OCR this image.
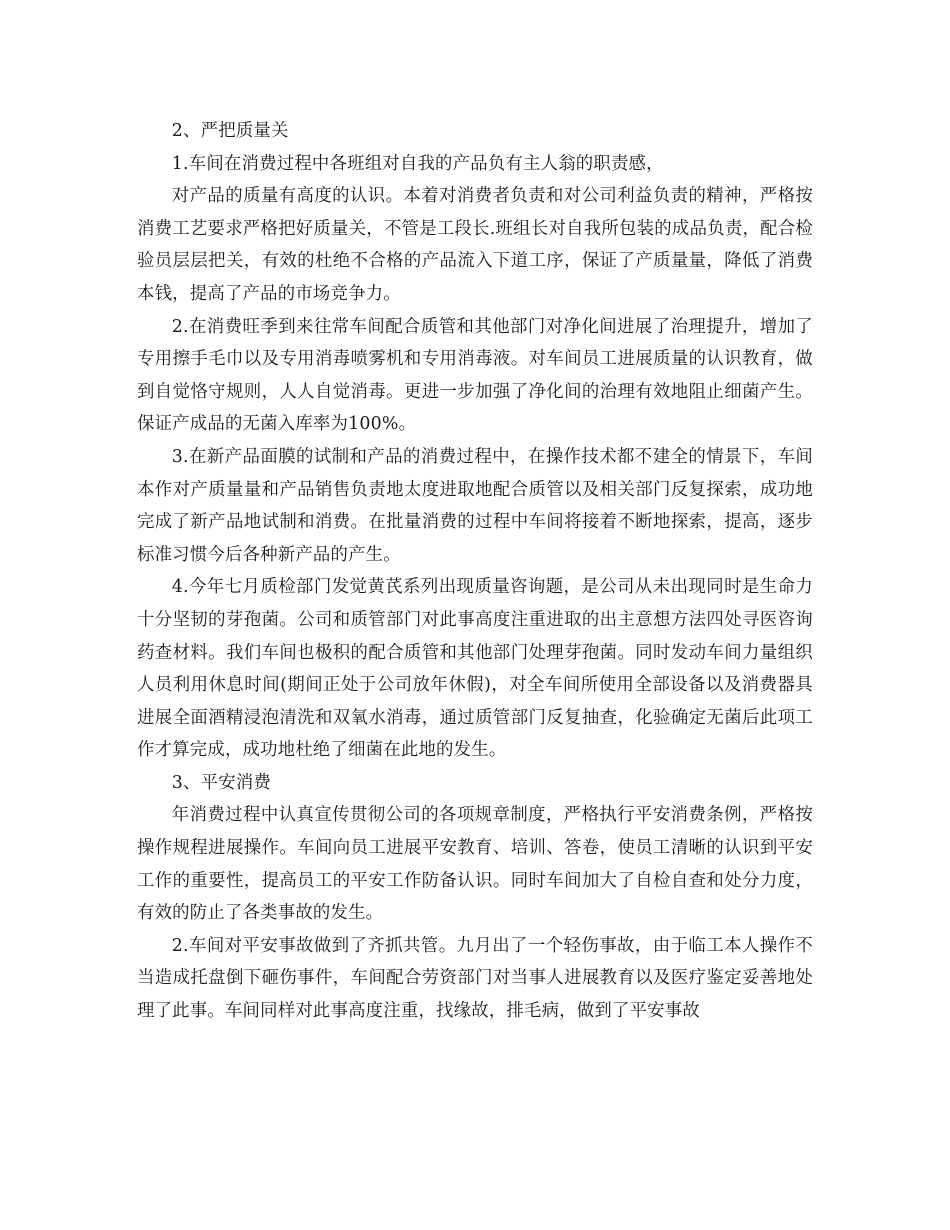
2、严把质量关

1.车间在消费过程中各班组对自我的产品负有主人翁的职责感，

对产品的质量有高度的认识。本着对消费者负责和对公司利益负责的精神，严格按消费工艺要求严格把好质量关，不管是工段长.班组长对自我所包装的成品负责，配合检验员层层把关，有效的杜绝不合格的产品流入下道工序，保证了产质量量，降低了消费本钱，提高了产品的市场竞争力。

2.在消费旺季到来往常车间配合质管和其他部门对净化间进展了治理提升，增加了专用擦手毛巾以及专用消毒喷雾机和专用消毒液。对车间员工进展质量的认识教育，做到自觉恪守规则，人人自觉消毒。更进一步加强了净化间的治理有效地阻止细菌产生。保证产成品的无菌入库率为100%。

3.在新产品面膜的试制和产品的消费过程中，在操作技术都不建全的情景下，车间本作对产质量量和产品销售负责地太度进取地配合质管以及相关部门反复探索，成功地完成了新产品地试制和消费。在批量消费的过程中车间将接着不断地探索，提高，逐步标准习惯今后各种新产品的产生。

4.今年七月质检部门发觉黄芪系列出现质量咨询题，是公司从未出现同时是生命力十分坚韧的芽孢菌。公司和质管部门对此事高度注重进取的出主意想方法四处寻医咨询药查材料。我们车间也极积的配合质管和其他部门处理芽孢菌。同时发动车间力量组织人员利用休息时间(期间正处于公司放年休假)，对全车间所使用全部设备以及消费器具进展全面酒精浸泡清洗和双氧水消毒，通过质管部门反复抽查，化验确定无菌后此项工作才算完成，成功地杜绝了细菌在此地的发生。

3、平安消费

年消费过程中认真宣传贯彻公司的各项规章制度，严格执行平安消费条例，严格按操作规程进展操作。车间向员工进展平安教育、培训、答卷，使员工清晰的认识到平安工作的重要性，提高员工的平安工作防备认识。同时车间加大了自检自查和处分力度，有效的防止了各类事故的发生。

2.车间对平安事故做到了齐抓共管。九月出了一个轻伤事故，由于临工本人操作不当造成托盘倒下砸伤事件，车间配合劳资部门对当事人进展教育以及医疗鉴定妥善地处理了此事。车间同样对此事高度注重，找缘故，排毛病，做到了平安事故
